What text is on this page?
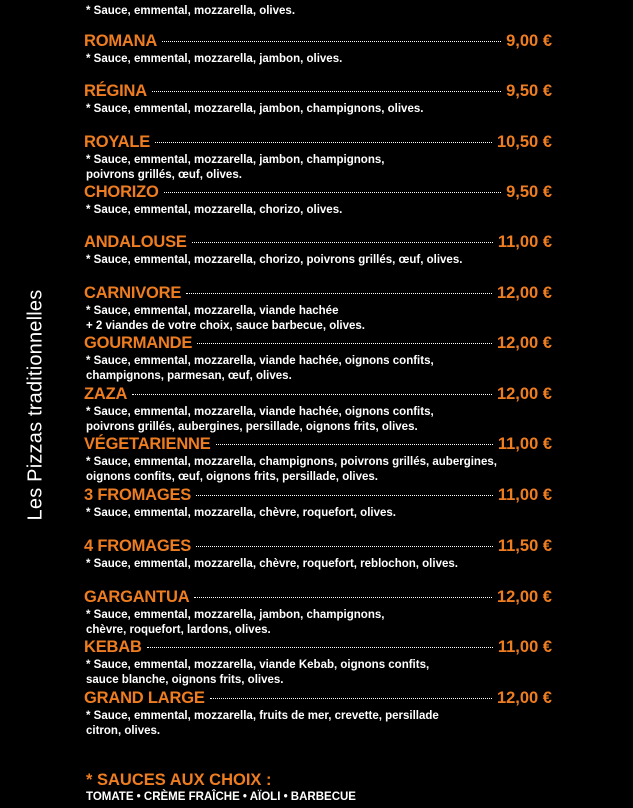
Les Pizzas traditionnelles
* Sauce, emmental, mozzarella, olives.
ROMANA	9,00 €
* Sauce, emmental, mozzarella, jambon, olives.
RÉGINA	9,50 €
* Sauce, emmental, mozzarella, jambon, champignons, olives.
ROYALE	10,50 €
* Sauce, emmental, mozzarella, jambon, champignons,
poivrons grillés, œuf, olives.
CHORIZO	9,50 €
* Sauce, emmental, mozzarella, chorizo, olives.
ANDALOUSE	11,00 €
* Sauce, emmental, mozzarella, chorizo, poivrons grillés, œuf, olives.
CARNIVORE	12,00 €
* Sauce, emmental, mozzarella, viande hachée
+ 2 viandes de votre choix, sauce barbecue, olives.
GOURMANDE	12,00 €
* Sauce, emmental, mozzarella, viande hachée, oignons confits,
champignons, parmesan, œuf, olives.
ZAZA	12,00 €
* Sauce, emmental, mozzarella, viande hachée, oignons confits,
poivrons grillés, aubergines, persillade, oignons frits, olives.
VÉGETARIENNE	11,00 €
* Sauce, emmental, mozzarella, champignons, poivrons grillés, aubergines,
oignons confits, œuf, oignons frits, persillade, olives.
3 FROMAGES	11,00 €
* Sauce, emmental, mozzarella, chèvre, roquefort, olives.
4 FROMAGES	11,50 €
* Sauce, emmental, mozzarella, chèvre, roquefort, reblochon, olives.
GARGANTUA	12,00 €
* Sauce, emmental, mozzarella, jambon, champignons,
chèvre, roquefort, lardons, olives.
KEBAB	11,00 €
* Sauce, emmental, mozzarella, viande Kebab, oignons confits,
sauce blanche, oignons frits, olives.
GRAND LARGE	12,00 €
* Sauce, emmental, mozzarella, fruits de mer, crevette, persillade
citron, olives.
* SAUCES AUX CHOIX :
TOMATE • CRÈME FRAÎCHE • AÏOLI • BARBECUE
